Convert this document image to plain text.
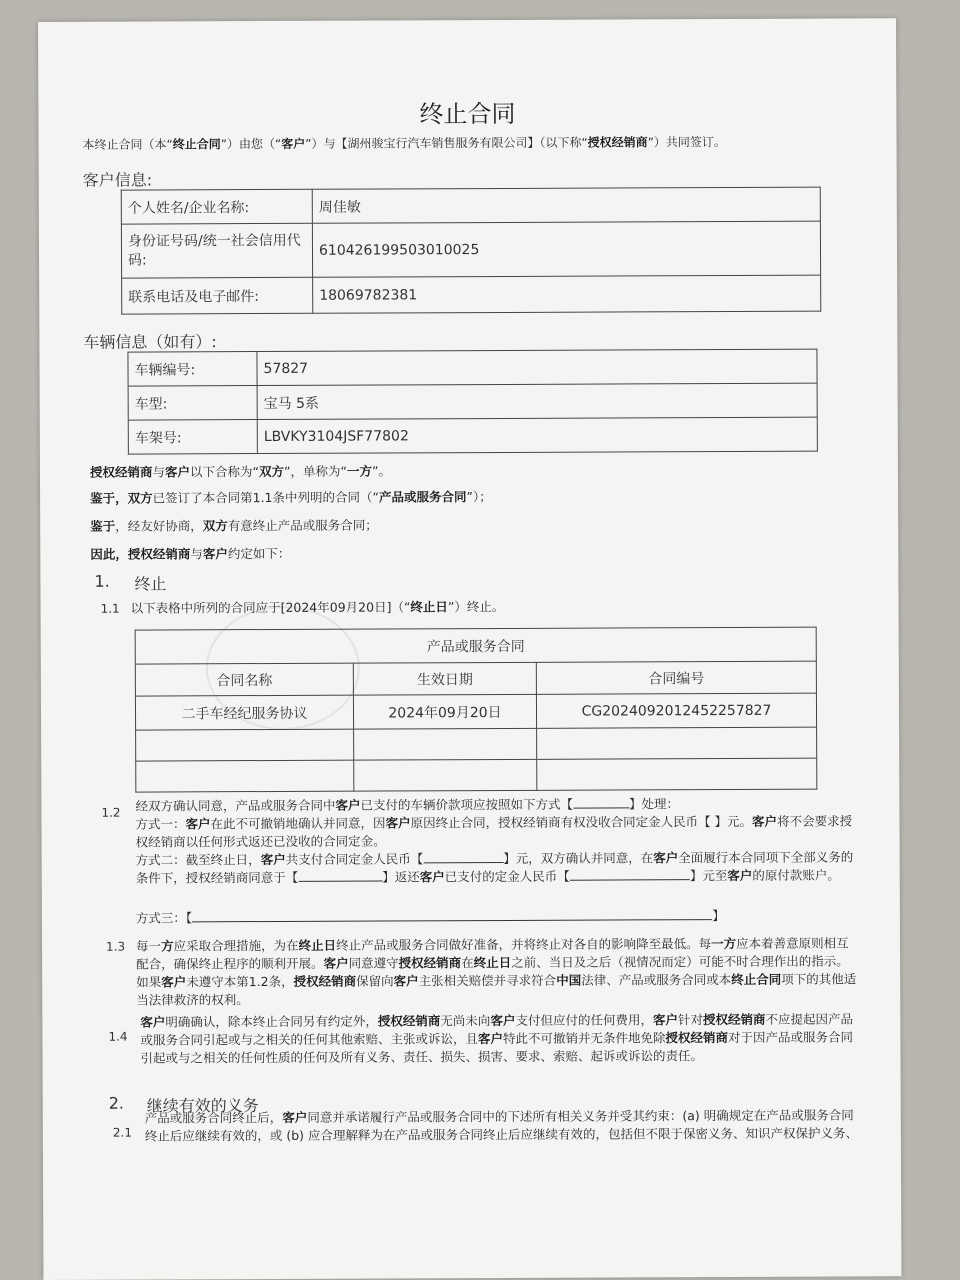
终止合同
本终止合同（本“终止合同”）由您（“客户”）与【湖州骏宝行汽车销售服务有限公司】（以下称“授权经销商”）共同签订。
客户信息:
个人姓名/企业名称:	周佳敏
身份证号码/统一社会信用代码:	610426199503010025
联系电话及电子邮件:	18069782381
车辆信息（如有）:
车辆编号:	57827
车型:	宝马 5系
车架号:	LBVKY3104JSF77802
授权经销商与客户以下合称为“双方”，单称为“一方”。
鉴于，双方已签订了本合同第1.1条中列明的合同（“产品或服务合同”）；
鉴于，经友好协商，双方有意终止产品或服务合同；
因此，授权经销商与客户约定如下：
1. 终止
1.1 以下表格中所列的合同应于[2024年09月20日]（“终止日”）终止。
产品或服务合同		
合同名称	生效日期	合同编号
二手车经纪服务协议	2024年09月20日	CG2024092012452257827

1.2 经双方确认同意，产品或服务合同中客户已支付的车辆价款项应按照如下方式【	】处理：
方式一：客户在此不可撤销地确认并同意，因客户原因终止合同，授权经销商有权没收合同定金人民币【 】元。客户将不会要求授权经销商以任何形式返还已没收的合同定金。
方式二：截至终止日，客户共支付合同定金人民币【	】元，双方确认并同意，在客户全面履行本合同项下全部义务的条件下，授权经销商同意于【	】返还客户已支付的定金人民币【	】元至客户的原付款账户。
方式三：【	】
1.3 每一方应采取合理措施，为在终止日终止产品或服务合同做好准备，并将终止对各自的影响降至最低。每一方应本着善意原则相互配合，确保终止程序的顺利开展。客户同意遵守授权经销商在终止日之前、当日及之后（视情况而定）可能不时合理作出的指示。如果客户未遵守本第1.2条，授权经销商保留向客户主张相关赔偿并寻求符合中国法律、产品或服务合同或本终止合同项下的其他适当法律救济的权利。
1.4
客户明确确认，除本终止合同另有约定外，授权经销商无尚未向客户支付但应付的任何费用，客户针对授权经销商不应提起因产品或服务合同引起或与之相关的任何其他索赔、主张或诉讼，且客户特此不可撤销并无条件地免除授权经销商对于因产品或服务合同引起或与之相关的任何性质的任何及所有义务、责任、损失、损害、要求、索赔、起诉或诉讼的责任。
2. 继续有效的义务
2.1
产品或服务合同终止后，客户同意并承诺履行产品或服务合同中的下述所有相关义务并受其约束：(a) 明确规定在产品或服务合同终止后应继续有效的，或 (b) 应合理解释为在产品或服务合同终止后应继续有效的，包括但不限于保密义务、知识产权保护义务、
